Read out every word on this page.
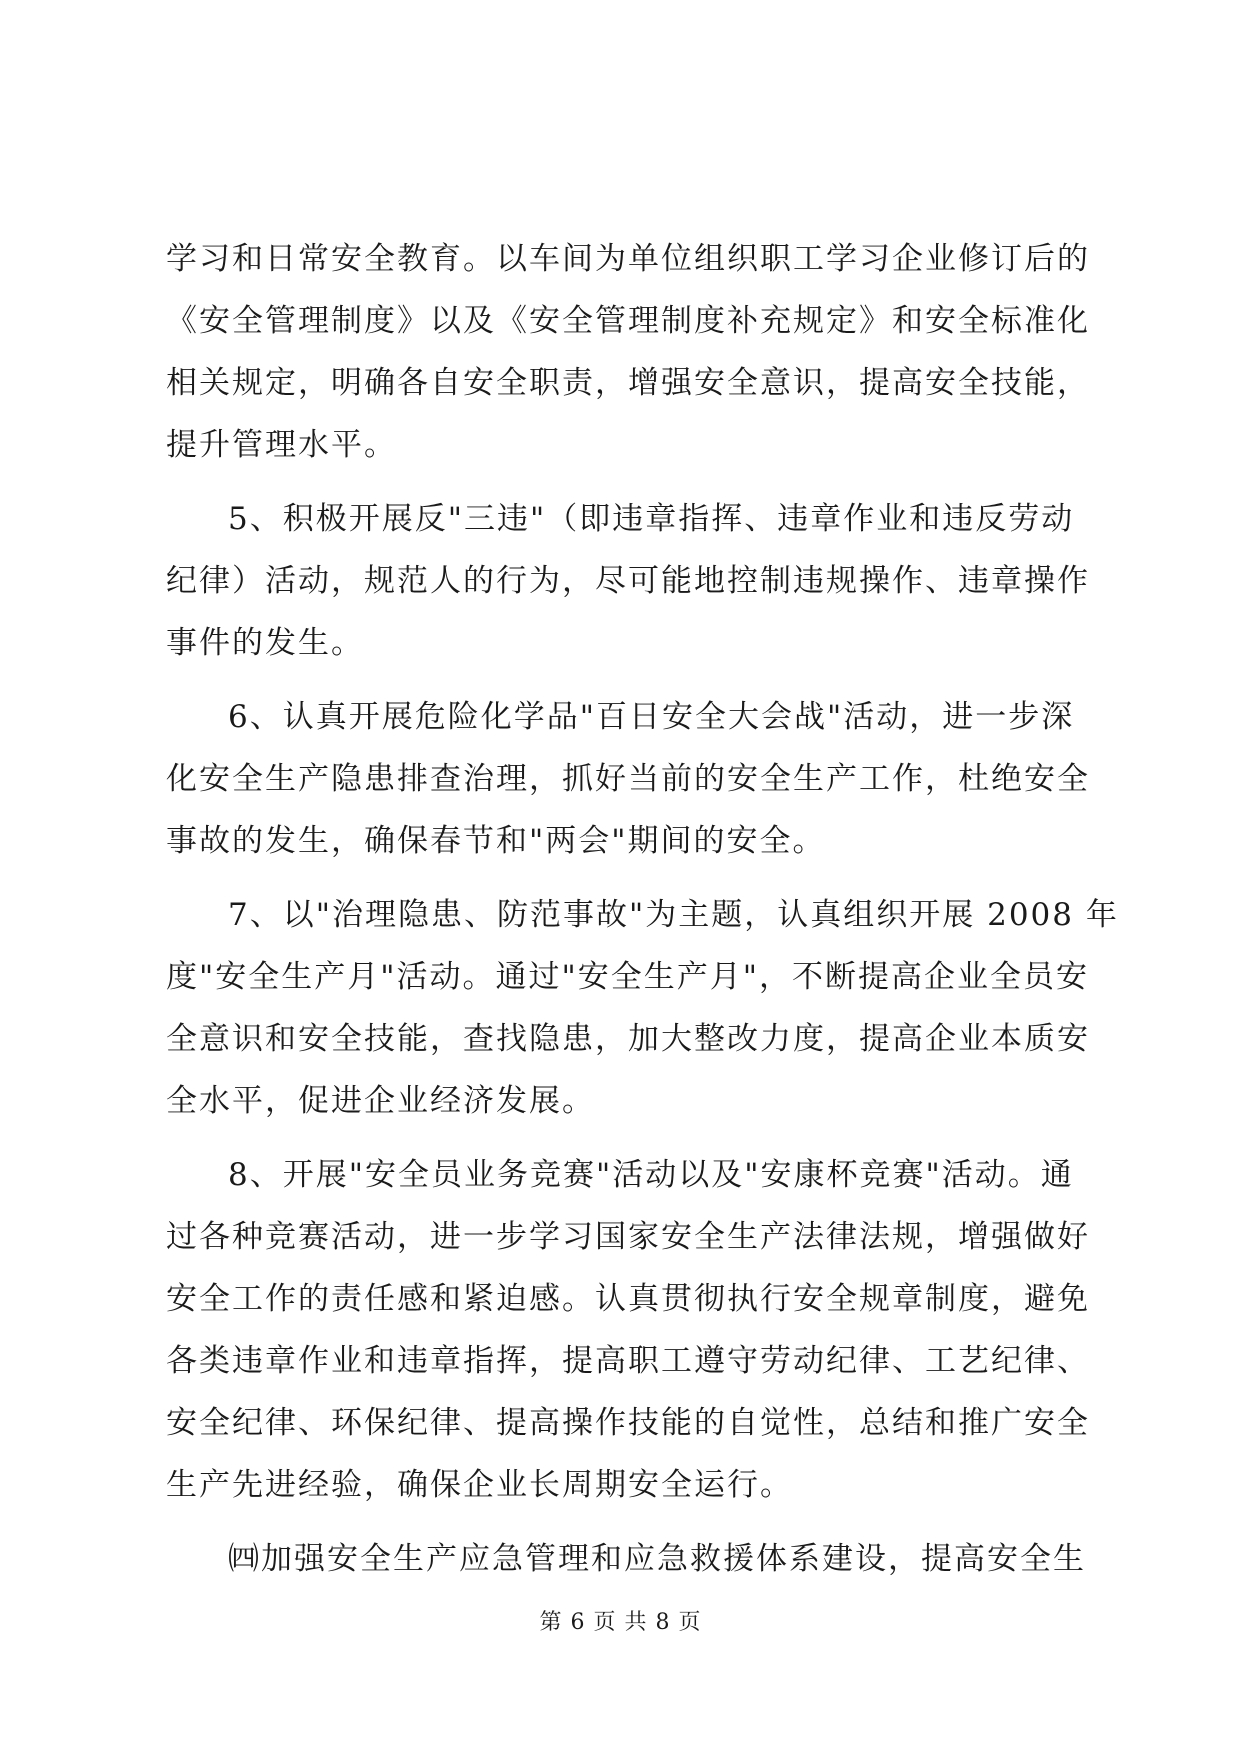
学习和日常安全教育。以车间为单位组织职工学习企业修订后的
《安全管理制度》以及《安全管理制度补充规定》和安全标准化
相关规定，明确各自安全职责，增强安全意识，提高安全技能，
提升管理水平。
5、积极开展反"三违"（即违章指挥、违章作业和违反劳动
纪律）活动，规范人的行为，尽可能地控制违规操作、违章操作
事件的发生。
6、认真开展危险化学品"百日安全大会战"活动，进一步深
化安全生产隐患排查治理，抓好当前的安全生产工作，杜绝安全
事故的发生，确保春节和"两会"期间的安全。
7、以"治理隐患、防范事故"为主题，认真组织开展 2008 年
度"安全生产月"活动。通过"安全生产月"，不断提高企业全员安
全意识和安全技能，查找隐患，加大整改力度，提高企业本质安
全水平，促进企业经济发展。
8、开展"安全员业务竞赛"活动以及"安康杯竞赛"活动。通
过各种竞赛活动，进一步学习国家安全生产法律法规，增强做好
安全工作的责任感和紧迫感。认真贯彻执行安全规章制度，避免
各类违章作业和违章指挥，提高职工遵守劳动纪律、工艺纪律、
安全纪律、环保纪律、提高操作技能的自觉性，总结和推广安全
生产先进经验，确保企业长周期安全运行。
㈣加强安全生产应急管理和应急救援体系建设，提高安全生
第 6 页 共 8 页
